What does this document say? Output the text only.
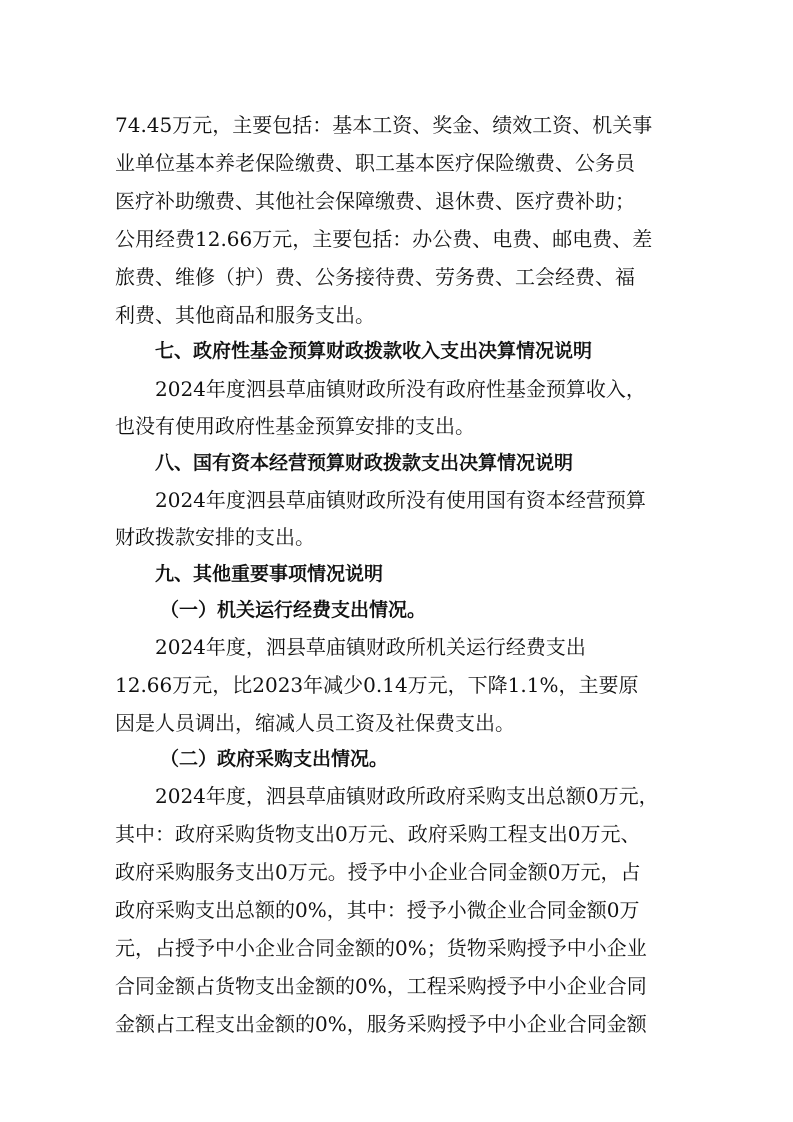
74.45万元，主要包括：基本工资、奖金、绩效工资、机关事
业单位基本养老保险缴费、职工基本医疗保险缴费、公务员
医疗补助缴费、其他社会保障缴费、退休费、医疗费补助；
公用经费12.66万元，主要包括：办公费、电费、邮电费、差
旅费、维修（护）费、公务接待费、劳务费、工会经费、福
利费、其他商品和服务支出。
七、政府性基金预算财政拨款收入支出决算情况说明
2024年度泗县草庙镇财政所没有政府性基金预算收入，
也没有使用政府性基金预算安排的支出。
八、国有资本经营预算财政拨款支出决算情况说明
2024年度泗县草庙镇财政所没有使用国有资本经营预算
财政拨款安排的支出。
九、其他重要事项情况说明
（一）机关运行经费支出情况。
2024年度，泗县草庙镇财政所机关运行经费支出
12.66万元，比2023年减少0.14万元，下降1.1%，主要原
因是人员调出，缩减人员工资及社保费支出。
（二）政府采购支出情况。
2024年度，泗县草庙镇财政所政府采购支出总额0万元，
其中：政府采购货物支出0万元、政府采购工程支出0万元、
政府采购服务支出0万元。授予中小企业合同金额0万元，占
政府采购支出总额的0%，其中：授予小微企业合同金额0万
元，占授予中小企业合同金额的0%；货物采购授予中小企业
合同金额占货物支出金额的0%，工程采购授予中小企业合同
金额占工程支出金额的0%，服务采购授予中小企业合同金额
